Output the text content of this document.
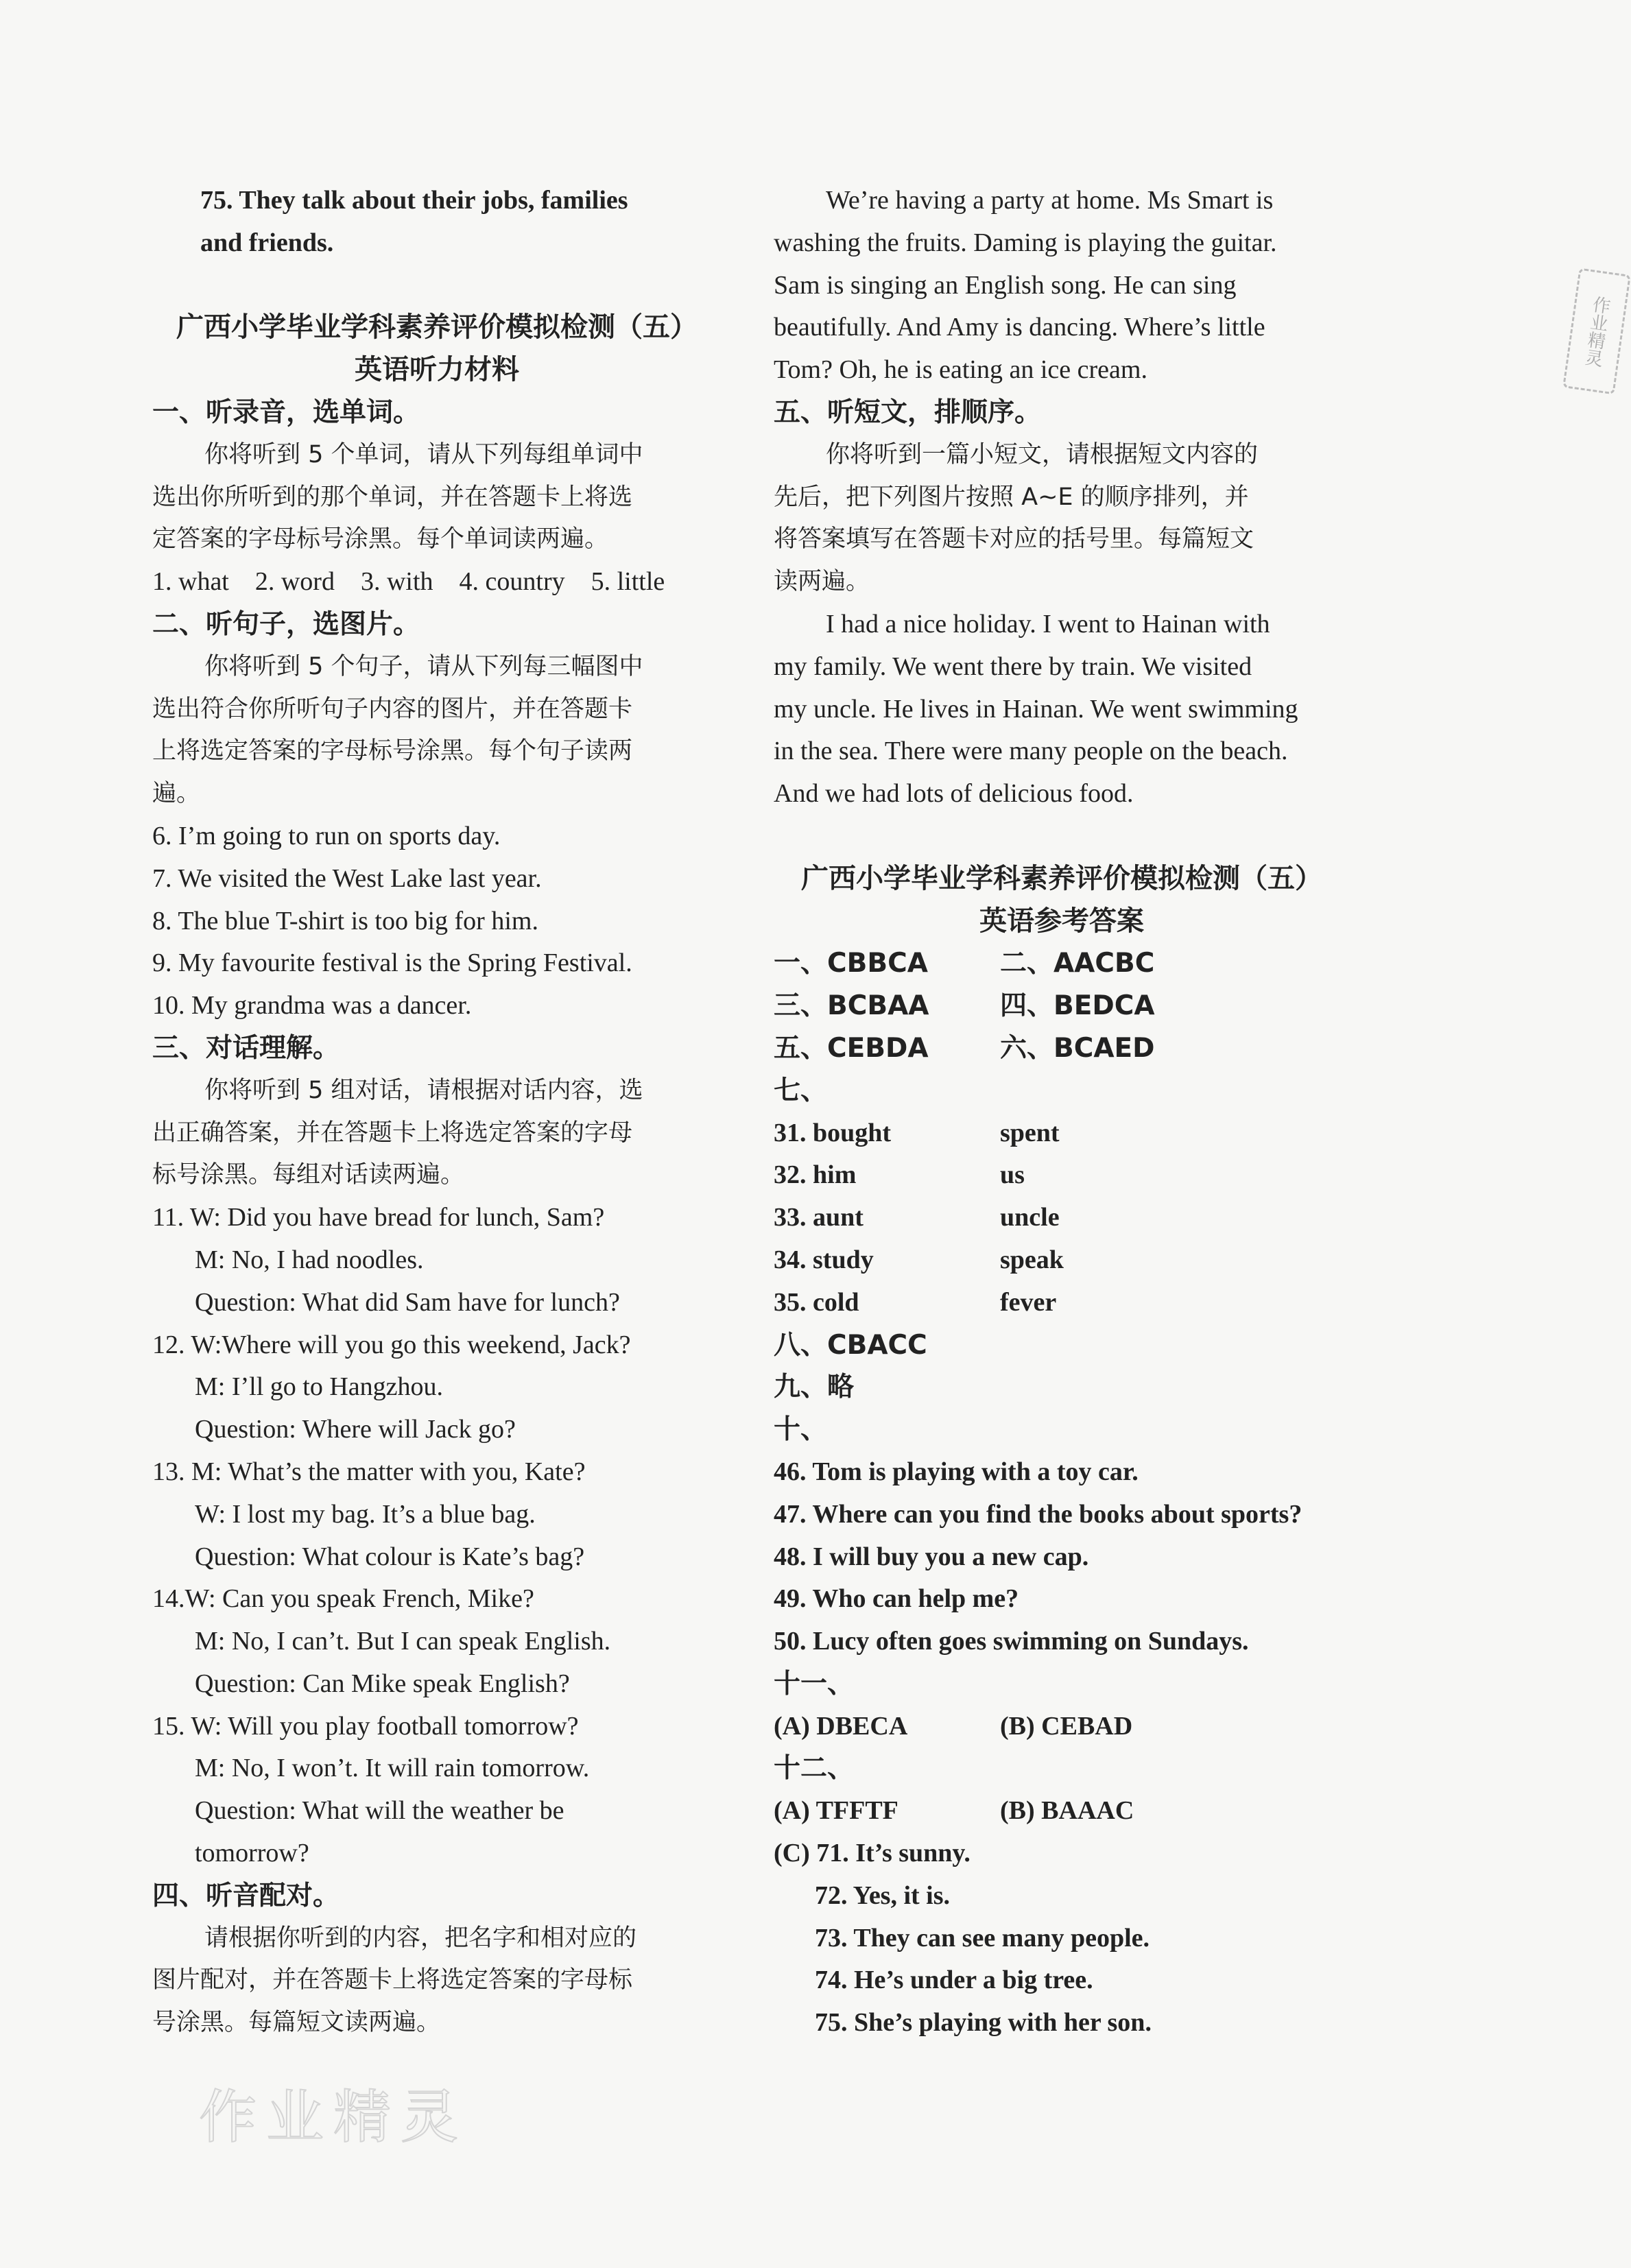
75. They talk about their jobs, families
and friends.
广西小学毕业学科素养评价模拟检测（五）
英语听力材料
一、听录音，选单词。
你将听到 5 个单词，请从下列每组单词中
选出你所听到的那个单词，并在答题卡上将选
定答案的字母标号涂黑。每个单词读两遍。
1. what    2. word    3. with    4. country    5. little
二、听句子，选图片。
你将听到 5 个句子，请从下列每三幅图中
选出符合你所听句子内容的图片，并在答题卡
上将选定答案的字母标号涂黑。每个句子读两
遍。
6. I’m going to run on sports day.
7. We visited the West Lake last year.
8. The blue T-shirt is too big for him.
9. My favourite festival is the Spring Festival.
10. My grandma was a dancer.
三、对话理解。
你将听到 5 组对话，请根据对话内容，选
出正确答案，并在答题卡上将选定答案的字母
标号涂黑。每组对话读两遍。
11. W: Did you have bread for lunch, Sam?
M: No, I had noodles.
Question: What did Sam have for lunch?
12. W:Where will you go this weekend, Jack?
M: I’ll go to Hangzhou.
Question: Where will Jack go?
13. M: What’s the matter with you, Kate?
W: I lost my bag. It’s a blue bag.
Question: What colour is Kate’s bag?
14.W: Can you speak French, Mike?
M: No, I can’t. But I can speak English.
Question: Can Mike speak English?
15. W: Will you play football tomorrow?
M: No, I won’t. It will rain tomorrow.
Question: What will the weather be
tomorrow?
四、听音配对。
请根据你听到的内容，把名字和相对应的
图片配对，并在答题卡上将选定答案的字母标
号涂黑。每篇短文读两遍。
We’re having a party at home. Ms Smart is
washing the fruits. Daming is playing the guitar.
Sam is singing an English song. He can sing
beautifully. And Amy is dancing. Where’s little
Tom? Oh, he is eating an ice cream.
五、听短文，排顺序。
你将听到一篇小短文，请根据短文内容的
先后，把下列图片按照 A~E 的顺序排列，并
将答案填写在答题卡对应的括号里。每篇短文
读两遍。
I had a nice holiday. I went to Hainan with
my family. We went there by train. We visited
my uncle. He lives in Hainan. We went swimming
in the sea. There were many people on the beach.
And we had lots of delicious food.
广西小学毕业学科素养评价模拟检测（五）
英语参考答案
一、CBBCA	二、AACBC
三、BCBAA	四、BEDCA
五、CEBDA	六、BCAED
七、
31. bought	spent
32. him	us
33. aunt	uncle
34. study	speak
35. cold	fever
八、CBACC
九、略
十、
46. Tom is playing with a toy car.
47. Where can you find the books about sports?
48. I will buy you a new cap.
49. Who can help me?
50. Lucy often goes swimming on Sundays.
十一、
(A) DBECA	(B) CEBAD
十二、
(A) TFFTF	(B) BAAAC
(C) 71. It’s sunny.
72. Yes, it is.
73. They can see many people.
74. He’s under a big tree.
75. She’s playing with her son.
作业精灵
作业精灵
